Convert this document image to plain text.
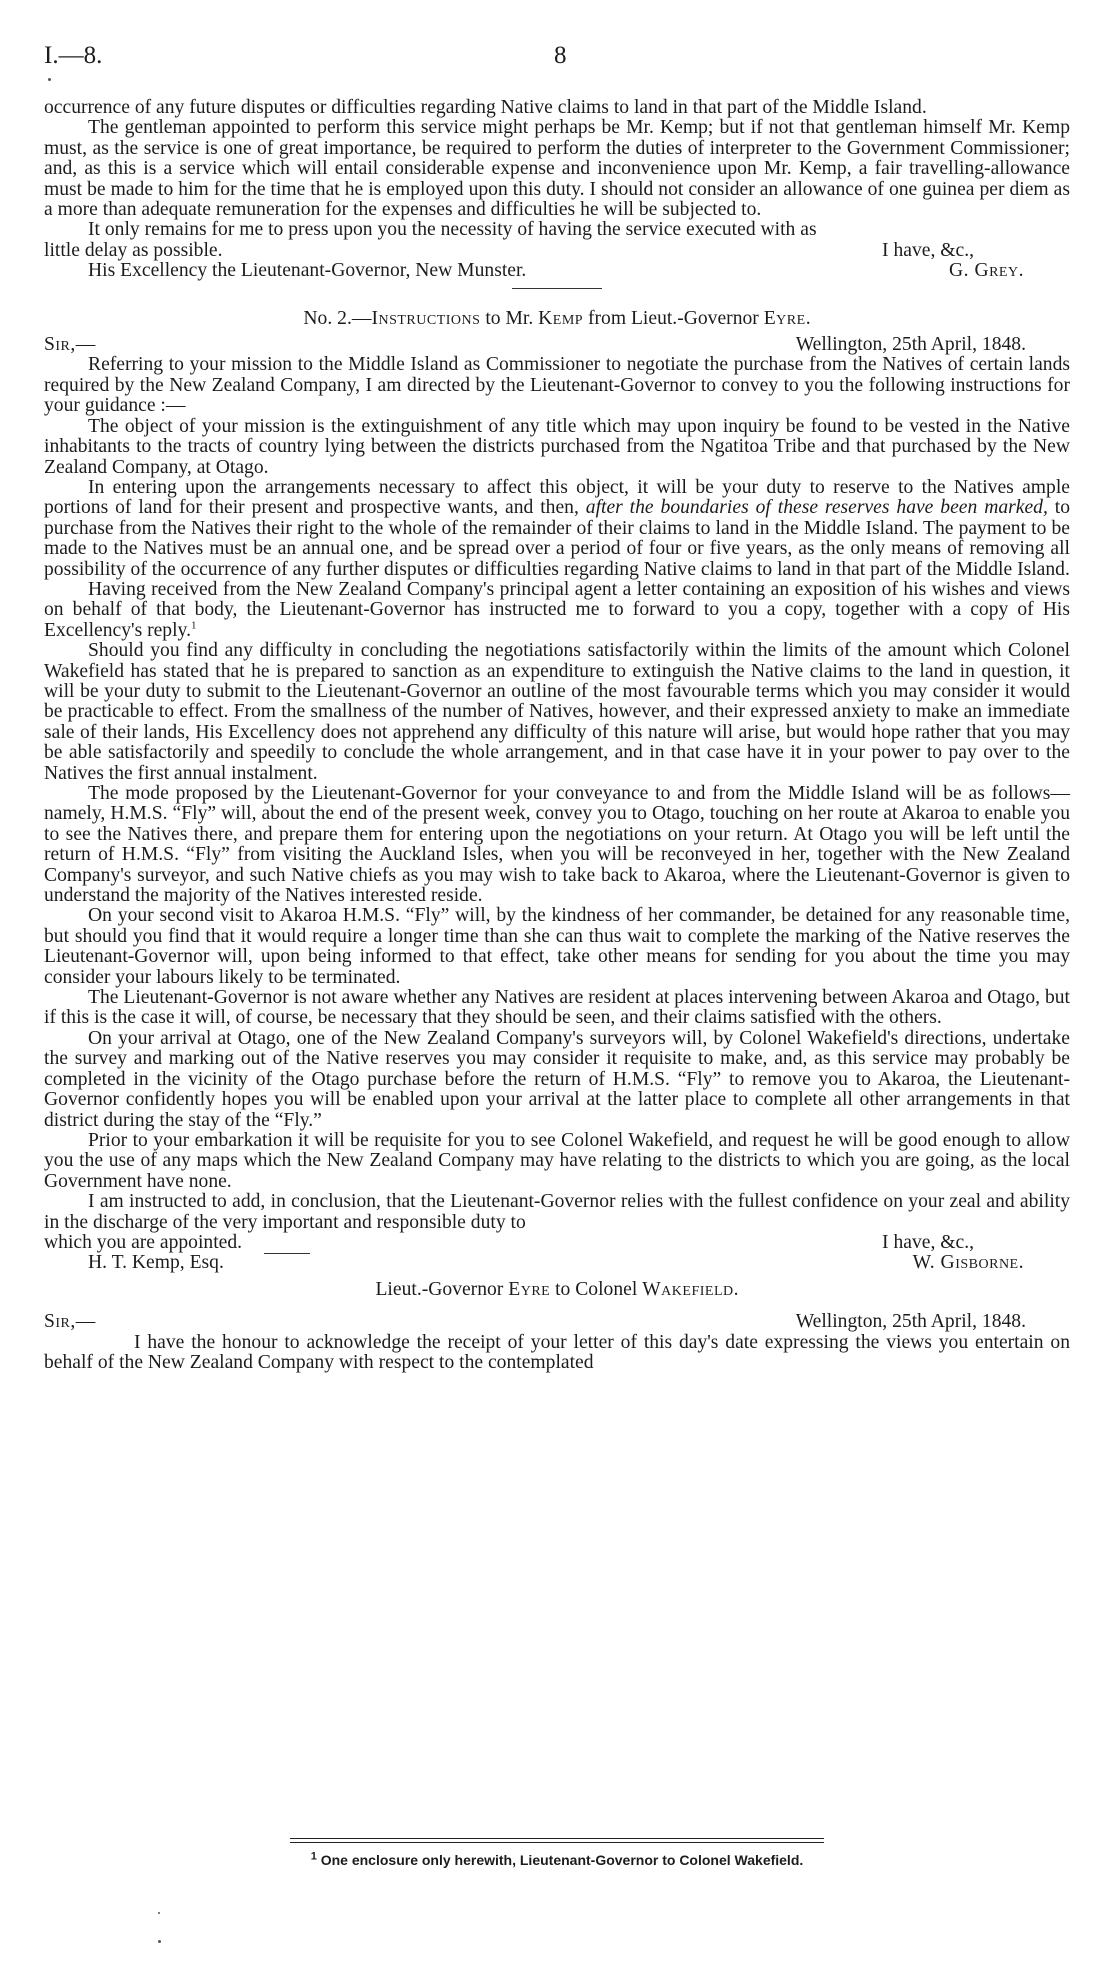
I.—8.	8

occurrence of any future disputes or difficulties regarding Native claims to land in that part of the Middle Island.

The gentleman appointed to perform this service might perhaps be Mr. Kemp; but if not that gentleman himself Mr. Kemp must, as the service is one of great importance, be required to perform the duties of interpreter to the Government Commissioner; and, as this is a service which will entail considerable expense and inconvenience upon Mr. Kemp, a fair travelling-allowance must be made to him for the time that he is employed upon this duty. I should not consider an allowance of one guinea per diem as a more than adequate remuneration for the expenses and difficulties he will be subjected to.

It only remains for me to press upon you the necessity of having the service executed with as

little delay as possible.	I have, &c.,
His Excellency the Lieutenant-Governor, New Munster.	G. Grey.
No. 2.—Instructions to Mr. Kemp from Lieut.-Governor Eyre.
Sir,—	Wellington, 25th April, 1848.

Referring to your mission to the Middle Island as Commissioner to negotiate the purchase from the Natives of certain lands required by the New Zealand Company, I am directed by the Lieutenant-Governor to convey to you the following instructions for your guidance :—

The object of your mission is the extinguishment of any title which may upon inquiry be found to be vested in the Native inhabitants to the tracts of country lying between the districts purchased from the Ngatitoa Tribe and that purchased by the New Zealand Company, at Otago.

In entering upon the arrangements necessary to affect this object, it will be your duty to reserve to the Natives ample portions of land for their present and prospective wants, and then, after the boundaries of these reserves have been marked, to purchase from the Natives their right to the whole of the remainder of their claims to land in the Middle Island. The payment to be made to the Natives must be an annual one, and be spread over a period of four or five years, as the only means of removing all possibility of the occurrence of any further disputes or difficulties regarding Native claims to land in that part of the Middle Island.

Having received from the New Zealand Company's principal agent a letter containing an exposition of his wishes and views on behalf of that body, the Lieutenant-Governor has instructed me to forward to you a copy, together with a copy of His Excellency's reply.$^1$

Should you find any difficulty in concluding the negotiations satisfactorily within the limits of the amount which Colonel Wakefield has stated that he is prepared to sanction as an expenditure to extinguish the Native claims to the land in question, it will be your duty to submit to the Lieutenant-Governor an outline of the most favourable terms which you may consider it would be practicable to effect. From the smallness of the number of Natives, however, and their expressed anxiety to make an immediate sale of their lands, His Excellency does not apprehend any difficulty of this nature will arise, but would hope rather that you may be able satisfactorily and speedily to conclude the whole arrangement, and in that case have it in your power to pay over to the Natives the first annual instalment.

The mode proposed by the Lieutenant-Governor for your conveyance to and from the Middle Island will be as follows—namely, H.M.S. “Fly” will, about the end of the present week, convey you to Otago, touching on her route at Akaroa to enable you to see the Natives there, and prepare them for entering upon the negotiations on your return. At Otago you will be left until the return of H.M.S. “Fly” from visiting the Auckland Isles, when you will be reconveyed in her, together with the New Zealand Company's surveyor, and such Native chiefs as you may wish to take back to Akaroa, where the Lieutenant-Governor is given to understand the majority of the Natives interested reside.

On your second visit to Akaroa H.M.S. “Fly” will, by the kindness of her commander, be detained for any reasonable time, but should you find that it would require a longer time than she can thus wait to complete the marking of the Native reserves the Lieutenant-Governor will, upon being informed to that effect, take other means for sending for you about the time you may consider your labours likely to be terminated.

The Lieutenant-Governor is not aware whether any Natives are resident at places intervening between Akaroa and Otago, but if this is the case it will, of course, be necessary that they should be seen, and their claims satisfied with the others.

On your arrival at Otago, one of the New Zealand Company's surveyors will, by Colonel Wakefield's directions, undertake the survey and marking out of the Native reserves you may consider it requisite to make, and, as this service may probably be completed in the vicinity of the Otago purchase before the return of H.M.S. “Fly” to remove you to Akaroa, the Lieutenant-Governor confidently hopes you will be enabled upon your arrival at the latter place to complete all other arrangements in that district during the stay of the “Fly.”

Prior to your embarkation it will be requisite for you to see Colonel Wakefield, and request he will be good enough to allow you the use of any maps which the New Zealand Company may have relating to the districts to which you are going, as the local Government have none.

I am instructed to add, in conclusion, that the Lieutenant-Governor relies with the fullest confidence on your zeal and ability in the discharge of the very important and responsible duty to

which you are appointed.	I have, &c.,
H. T. Kemp, Esq.	W. Gisborne.
Lieut.-Governor Eyre to Colonel Wakefield.
Sir,—	Wellington, 25th April, 1848.

I have the honour to acknowledge the receipt of your letter of this day's date expressing the views you entertain on behalf of the New Zealand Company with respect to the contemplated

$^1$ One enclosure only herewith, Lieutenant-Governor to Colonel Wakefield.
